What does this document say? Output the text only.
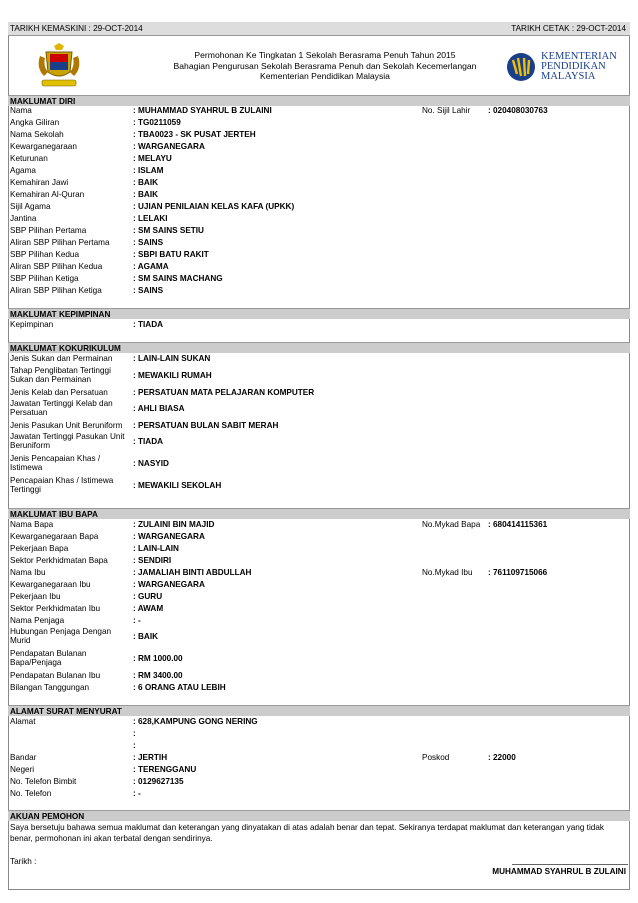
TARIKH KEMASKINI : 29-OCT-2014	TARIKH CETAK : 29-OCT-2014
Permohonan Ke Tingkatan 1 Sekolah Berasrama Penuh Tahun 2015
Bahagian Pengurusan Sekolah Berasrama Penuh dan Sekolah Kecemerlangan
Kementerian Pendidikan Malaysia
KEMENTERIAN
PENDIDIKAN
MALAYSIA
MAKLUMAT DIRI
Nama	: MUHAMMAD SYAHRUL B ZULAINI	No. Sijil Lahir : 020408030763
Angka Giliran	: TG0211059
Nama Sekolah	: TBA0023 - SK PUSAT JERTEH
Kewarganegaraan	: WARGANEGARA
Keturunan	: MELAYU
Agama	: ISLAM
Kemahiran Jawi	: BAIK
Kemahiran Al-Quran	: BAIK
Sijil Agama	: UJIAN PENILAIAN KELAS KAFA (UPKK)
Jantina	: LELAKI
SBP Pilihan Pertama	: SM SAINS SETIU
Aliran SBP Pilihan Pertama	: SAINS
SBP Pilihan Kedua	: SBPI BATU RAKIT
Aliran SBP Pilihan Kedua	: AGAMA
SBP Pilihan Ketiga	: SM SAINS MACHANG
Aliran SBP Pilihan Ketiga	: SAINS
MAKLUMAT KEPIMPINAN
Kepimpinan	: TIADA
MAKLUMAT KOKURIKULUM
Jenis Sukan dan Permainan	: LAIN-LAIN SUKAN
Tahap Penglibatan Tertinggi Sukan dan Permainan	: MEWAKILI RUMAH
Jenis Kelab dan Persatuan	: PERSATUAN MATA PELAJARAN KOMPUTER
Jawatan Tertinggi Kelab dan Persatuan	: AHLI BIASA
Jenis Pasukan Unit Beruniform	: PERSATUAN BULAN SABIT MERAH
Jawatan Tertinggi Pasukan Unit Beruniform	: TIADA
Jenis Pencapaian Khas / Istimewa	: NASYID
Pencapaian Khas / Istimewa Tertinggi	: MEWAKILI SEKOLAH
MAKLUMAT IBU BAPA
Nama Bapa	: ZULAINI BIN MAJID	No.Mykad Bapa : 680414115361
Kewarganegaraan Bapa	: WARGANEGARA
Pekerjaan Bapa	: LAIN-LAIN
Sektor Perkhidmatan Bapa	: SENDIRI
Nama Ibu	: JAMALIAH BINTI ABDULLAH	No.Mykad Ibu : 761109715066
Kewarganegaraan Ibu	: WARGANEGARA
Pekerjaan Ibu	: GURU
Sektor Perkhidmatan Ibu	: AWAM
Nama Penjaga	: -
Hubungan Penjaga Dengan Murid	: BAIK
Pendapatan Bulanan Bapa/Penjaga	: RM 1000.00
Pendapatan Bulanan Ibu	: RM 3400.00
Bilangan Tanggungan	: 6 ORANG ATAU LEBIH
ALAMAT SURAT MENYURAT
Alamat	: 628,KAMPUNG GONG NERING
:
:
Bandar	: JERTIH	Poskod	: 22000
Negeri	: TERENGGANU
No. Telefon Bimbit	: 0129627135
No. Telefon	: -
AKUAN PEMOHON
Saya bersetuju bahawa semua maklumat dan keterangan yang dinyatakan di atas adalah benar dan tepat. Sekiranya terdapat maklumat dan keterangan yang tidak benar, permohonan ini akan terbatal dengan sendirinya.
Tarikh :
MUHAMMAD SYAHRUL B ZULAINI
